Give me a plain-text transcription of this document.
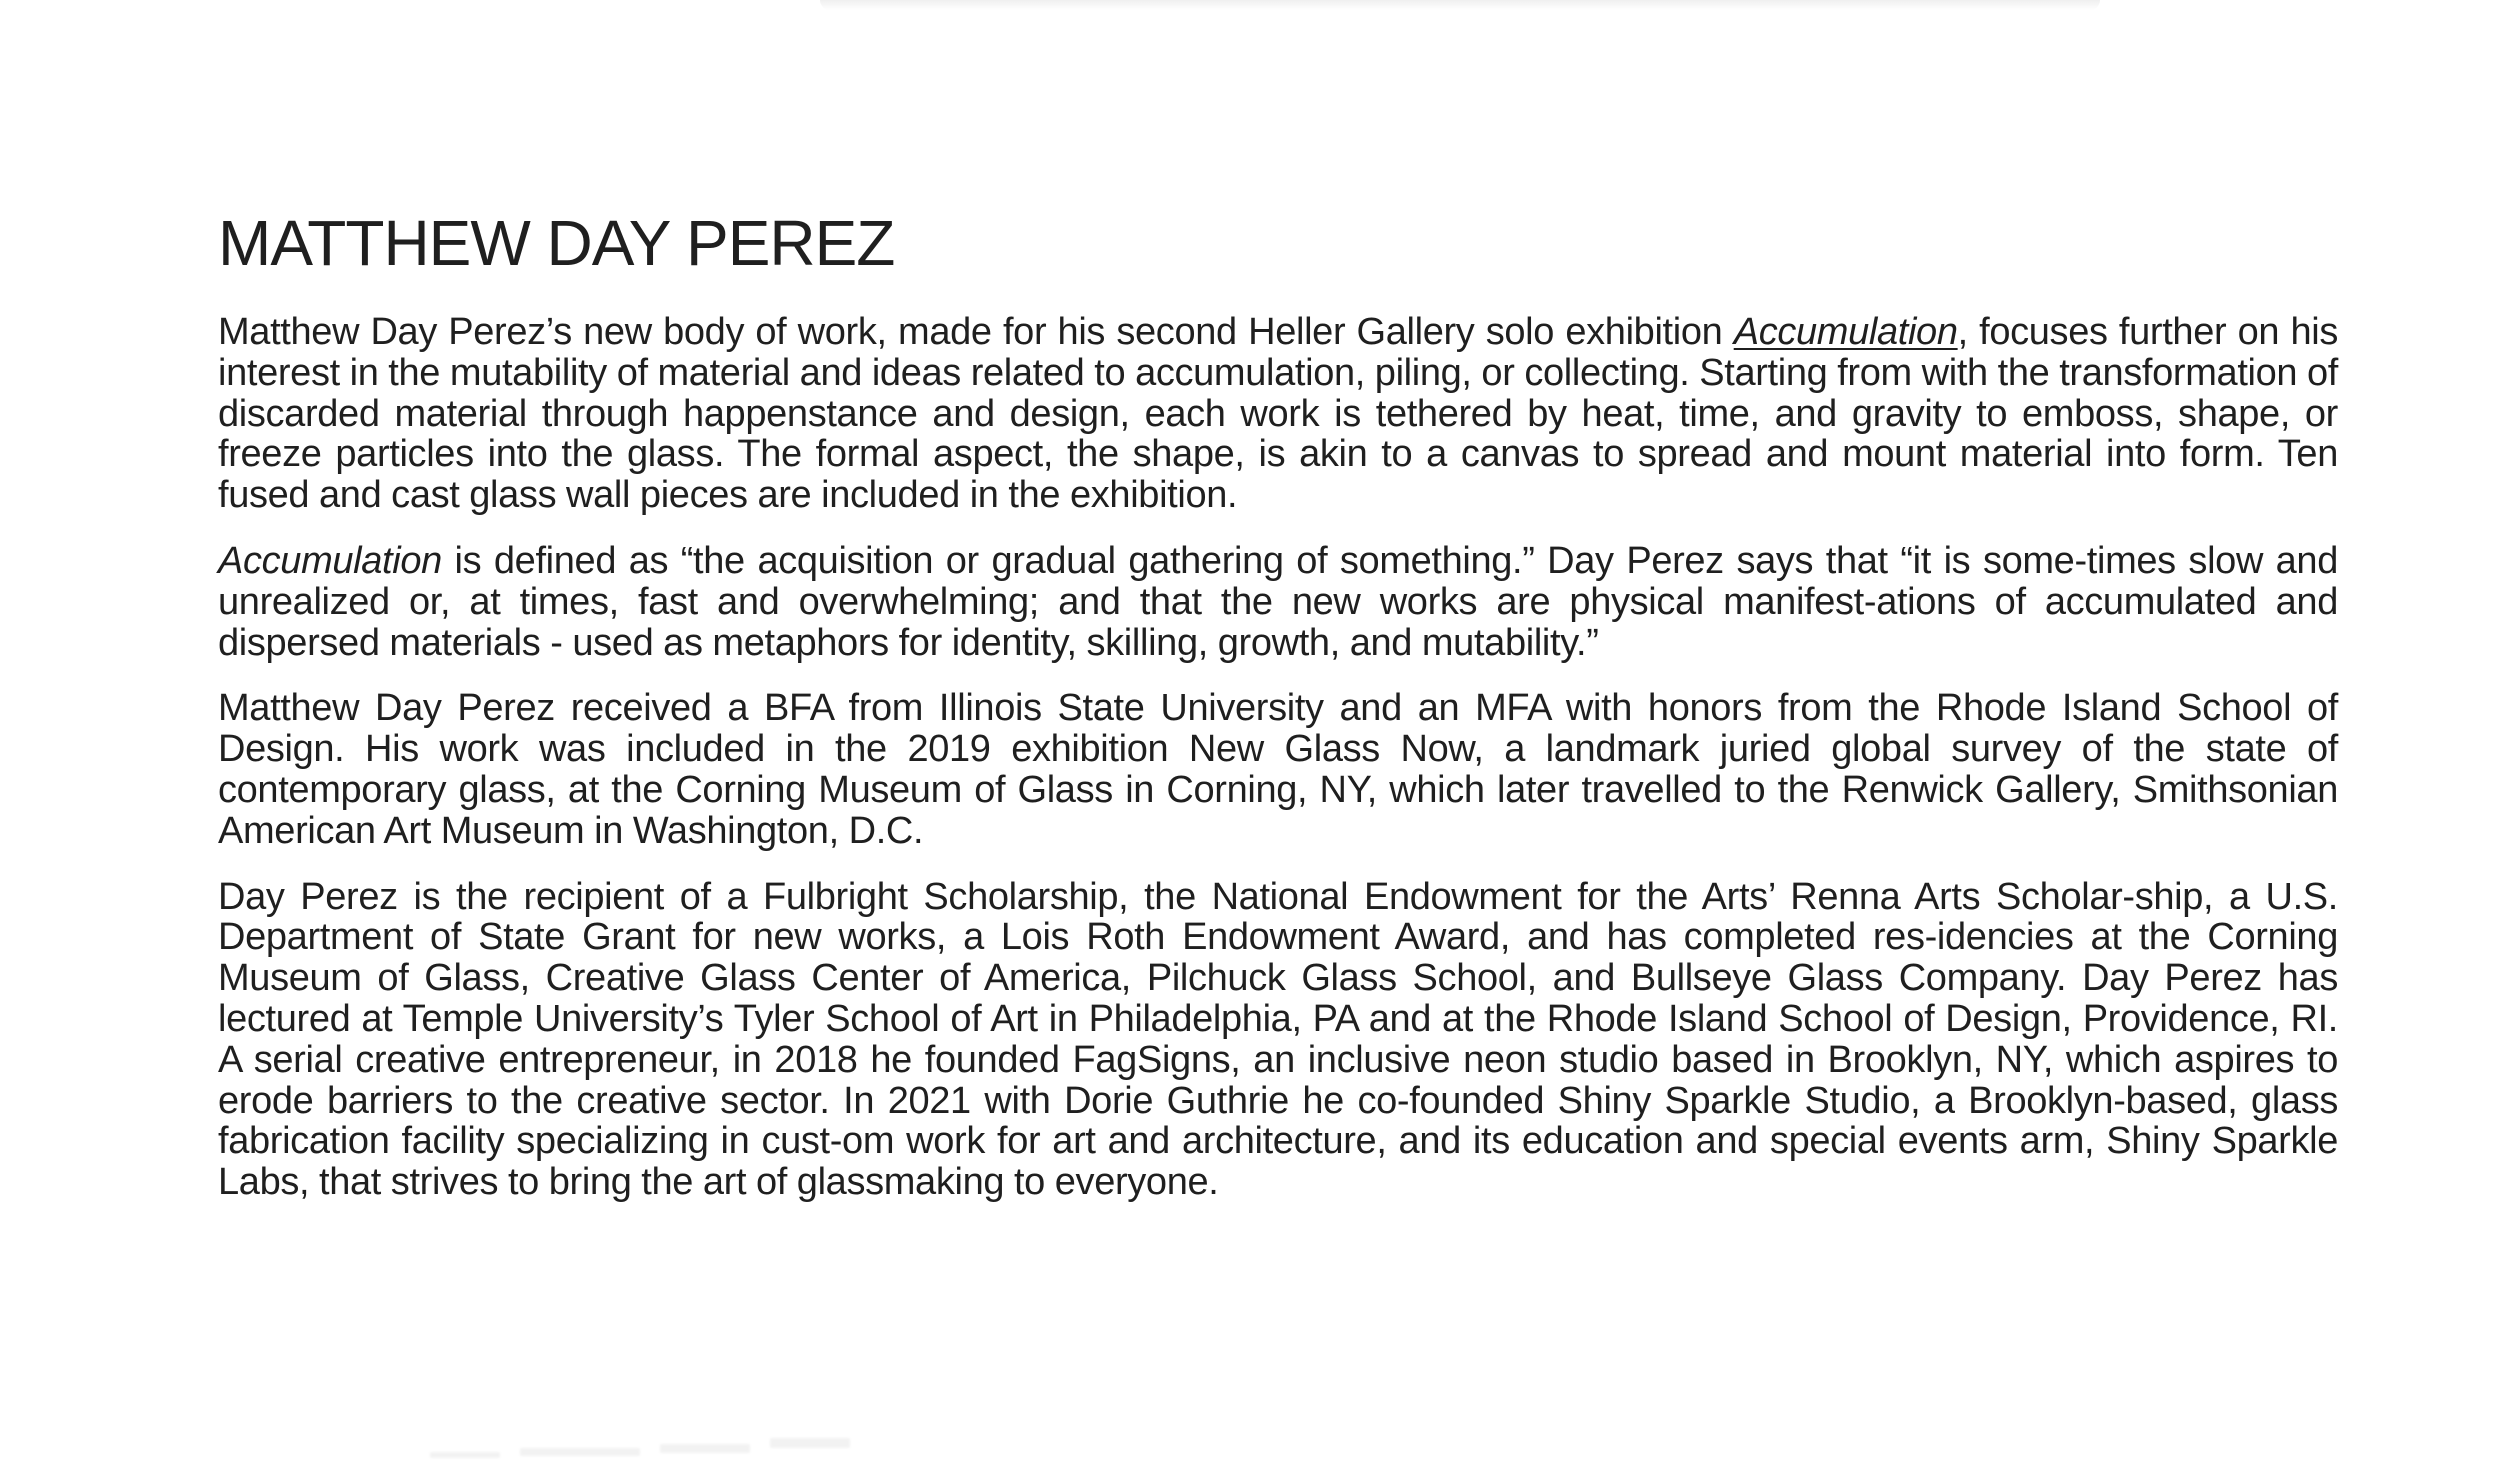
MATTHEW DAY PEREZ

Matthew Day Perez’s new body of work, made for his second Heller Gallery solo exhibition Accumulation, focuses further on his interest in the mutability of material and ideas related to accumulation, piling, or collecting. Starting from with the transformation of discarded material through happenstance and design, each work is tethered by heat, time, and gravity to emboss, shape, or freeze particles into the glass. The formal aspect, the shape, is akin to a canvas to spread and mount material into form. Ten fused and cast glass wall pieces are included in the exhibition.

Accumulation is defined as “the acquisition or gradual gathering of something.” Day Perez says that “it is some-times slow and unrealized or, at times, fast and overwhelming; and that the new works are physical manifest-ations of accumulated and dispersed materials - used as metaphors for identity, skilling, growth, and mutability.”

Matthew Day Perez received a BFA from Illinois State University and an MFA with honors from the Rhode Island School of Design. His work was included in the 2019 exhibition New Glass Now, a landmark juried global survey of the state of contemporary glass, at the Corning Museum of Glass in Corning, NY, which later travelled to the Renwick Gallery, Smithsonian American Art Museum in Washington, D.C.

Day Perez is the recipient of a Fulbright Scholarship, the National Endowment for the Arts’ Renna Arts Scholar-ship, a U.S. Department of State Grant for new works, a Lois Roth Endowment Award, and has completed res-idencies at the Corning Museum of Glass, Creative Glass Center of America, Pilchuck Glass School, and Bullseye Glass Company. Day Perez has lectured at Temple University’s Tyler School of Art in Philadelphia, PA and at the Rhode Island School of Design, Providence, RI. A serial creative entrepreneur, in 2018 he founded FagSigns, an inclusive neon studio based in Brooklyn, NY, which aspires to erode barriers to the creative sector. In 2021 with Dorie Guthrie he co-founded Shiny Sparkle Studio, a Brooklyn-based, glass fabrication facility specializing in cust-om work for art and architecture, and its education and special events arm, Shiny Sparkle Labs, that strives to bring the art of glassmaking to everyone.
